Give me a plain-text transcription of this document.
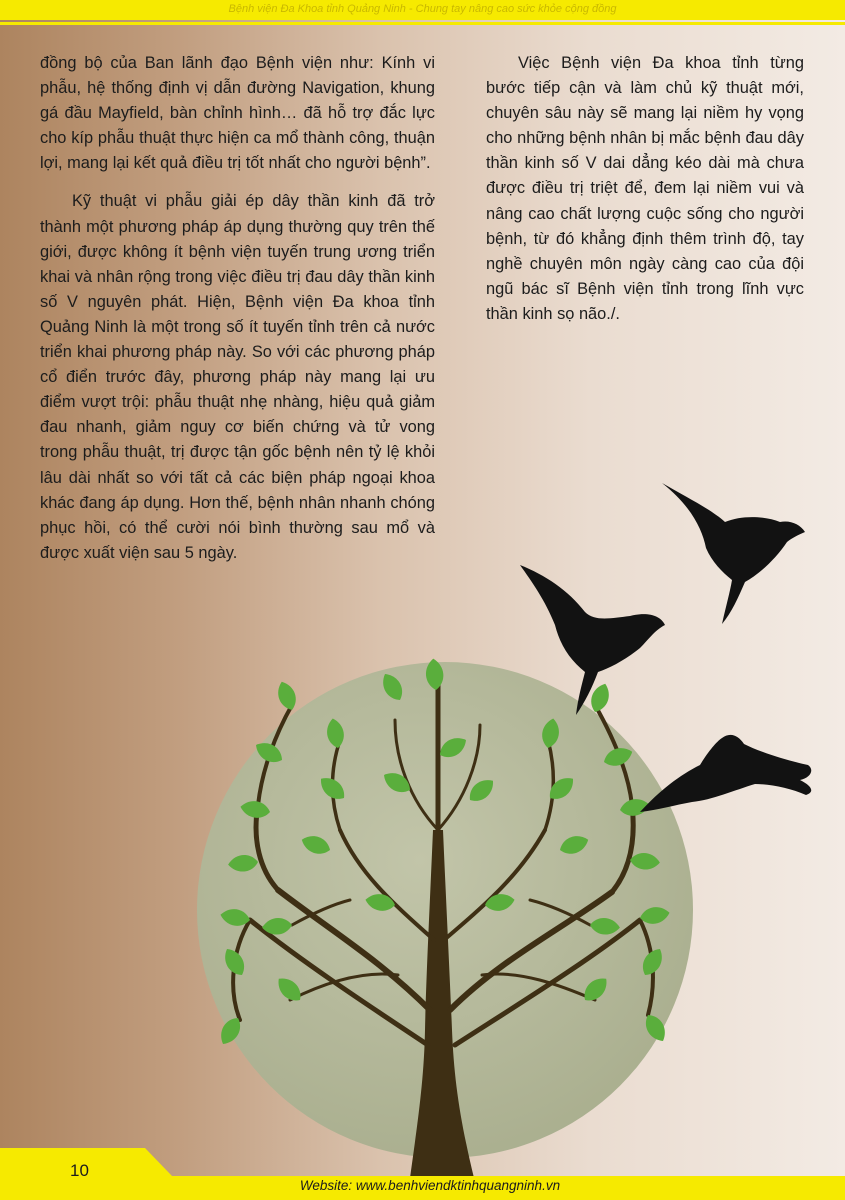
Bệnh viện Đa Khoa tỉnh Quảng Ninh - Chung tay nâng cao sức khỏe cộng đồng

đồng bộ của Ban lãnh đạo Bệnh viện như: Kính vi phẫu, hệ thống định vị dẫn đường Navigation, khung gá đầu Mayfield, bàn chỉnh hình… đã hỗ trợ đắc lực cho kíp phẫu thuật thực hiện ca mổ thành công, thuận lợi, mang lại kết quả điều trị tốt nhất cho người bệnh”.

Kỹ thuật vi phẫu giải ép dây thần kinh đã trở thành một phương pháp áp dụng thường quy trên thế giới, được không ít bệnh viện tuyến trung ương triển khai và nhân rộng trong việc điều trị đau dây thần kinh số V nguyên phát. Hiện, Bệnh viện Đa khoa tỉnh Quảng Ninh là một trong số ít tuyến tỉnh trên cả nước triển khai phương pháp này. So với các phương pháp cổ điển trước đây, phương pháp này mang lại ưu điểm vượt trội: phẫu thuật nhẹ nhàng, hiệu quả giảm đau nhanh, giảm nguy cơ biến chứng và tử vong trong phẫu thuật, trị được tận gốc bệnh nên tỷ lệ khỏi lâu dài nhất so với tất cả các biện pháp ngoại khoa khác đang áp dụng. Hơn thế, bệnh nhân nhanh chóng phục hồi, có thể cười nói bình thường sau mổ và được xuất viện sau 5 ngày.

Việc Bệnh viện Đa khoa tỉnh từng bước tiếp cận và làm chủ kỹ thuật mới, chuyên sâu này sẽ mang lại niềm hy vọng cho những bệnh nhân bị mắc bệnh đau dây thần kinh số V dai dẳng kéo dài mà chưa được điều trị triệt để, đem lại niềm vui và nâng cao chất lượng cuộc sống cho người bệnh, từ đó khẳng định thêm trình độ, tay nghề chuyên môn ngày càng cao của đội ngũ bác sĩ Bệnh viện tỉnh trong lĩnh vực thần kinh sọ não./.

10
Website: www.benhviendktinhquangninh.vn
